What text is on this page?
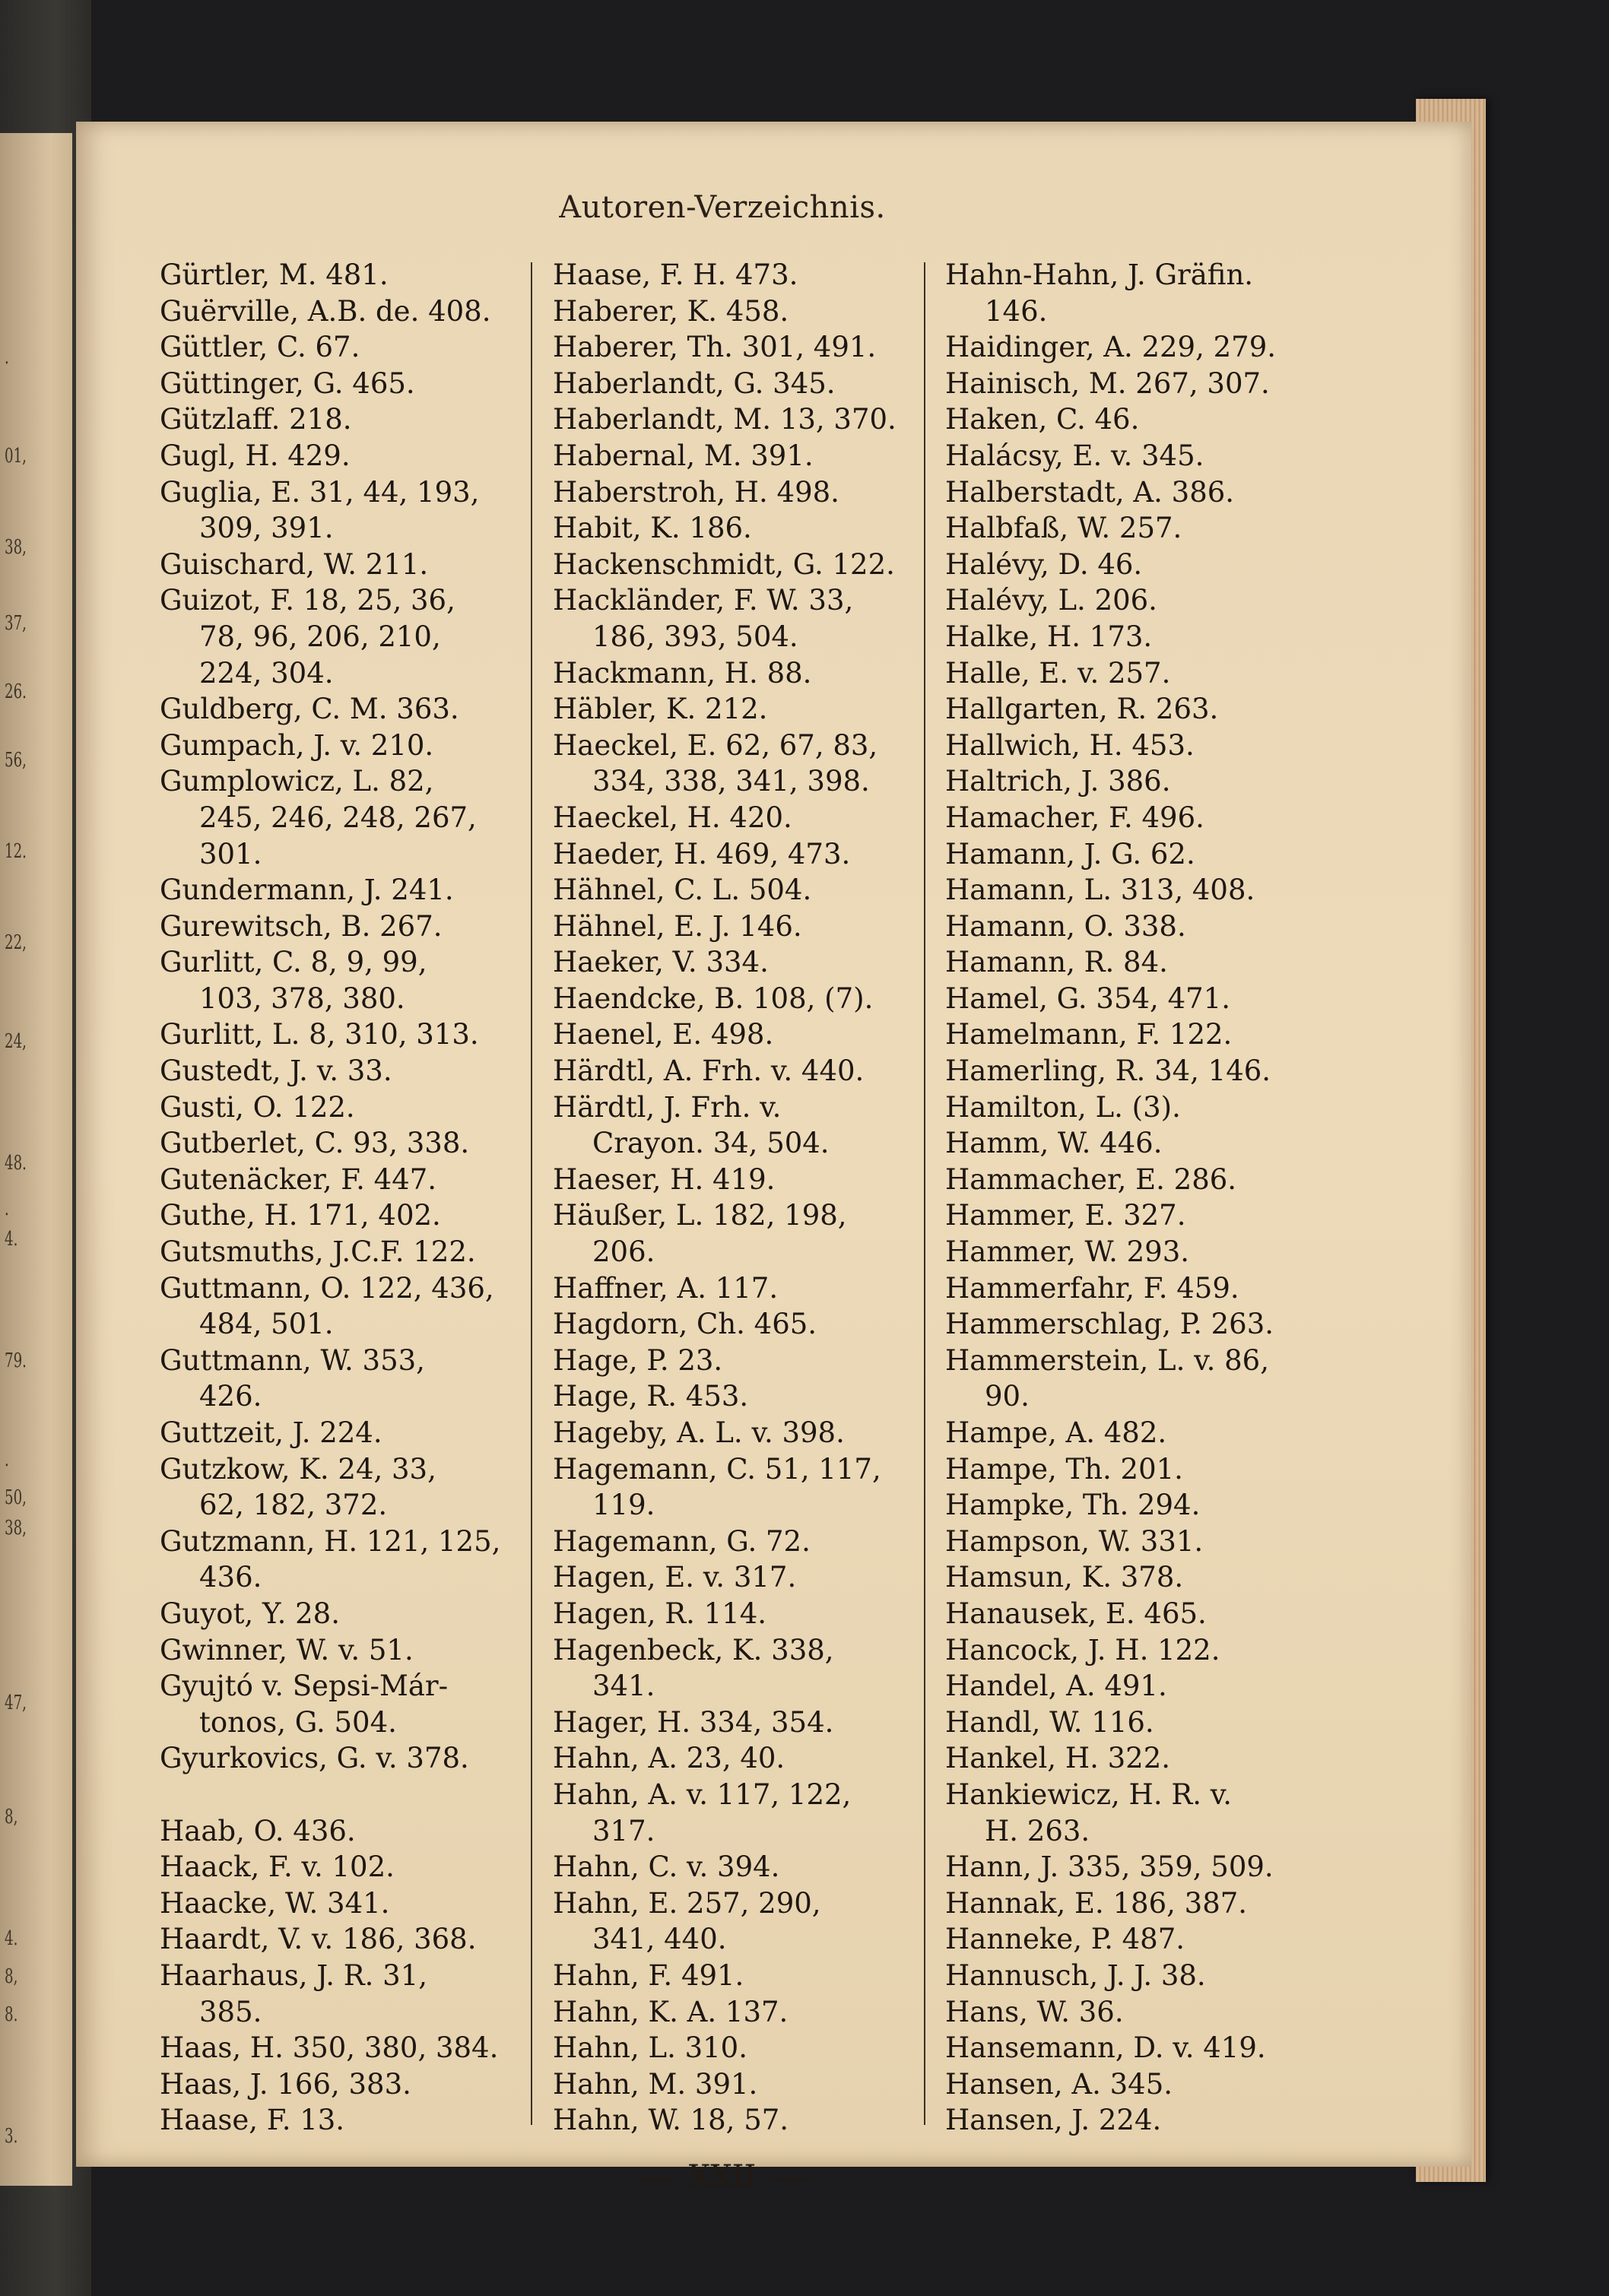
.
01,
38,
37,
26.
56,
12.
22,
24,
48.
.
4.
79.
.
50,
38,
47,
8,
4.
8,
8.
3.
Autoren-Verzeichnis.
Gürtler, M. 481.
Guërville, A.B. de. 408.
Güttler, C. 67.
Güttinger, G. 465.
Gützlaff. 218.
Gugl, H. 429.
Guglia, E. 31, 44, 193,
309, 391.
Guischard, W. 211.
Guizot, F. 18, 25, 36,
78, 96, 206, 210,
224, 304.
Guldberg, C. M. 363.
Gumpach, J. v. 210.
Gumplowicz, L. 82,
245, 246, 248, 267,
301.
Gundermann, J. 241.
Gurewitsch, B. 267.
Gurlitt, C. 8, 9, 99,
103, 378, 380.
Gurlitt, L. 8, 310, 313.
Gustedt, J. v. 33.
Gusti, O. 122.
Gutberlet, C. 93, 338.
Gutenäcker, F. 447.
Guthe, H. 171, 402.
Gutsmuths, J.C.F. 122.
Guttmann, O. 122, 436,
484, 501.
Guttmann, W. 353,
426.
Guttzeit, J. 224.
Gutzkow, K. 24, 33,
62, 182, 372.
Gutzmann, H. 121, 125,
436.
Guyot, Y. 28.
Gwinner, W. v. 51.
Gyujtó v. Sepsi-Már-
tonos, G. 504.
Gyurkovics, G. v. 378.
Haab, O. 436.
Haack, F. v. 102.
Haacke, W. 341.
Haardt, V. v. 186, 368.
Haarhaus, J. R. 31,
385.
Haas, H. 350, 380, 384.
Haas, J. 166, 383.
Haase, F. 13.
Haase, F. H. 473.
Haberer, K. 458.
Haberer, Th. 301, 491.
Haberlandt, G. 345.
Haberlandt, M. 13, 370.
Habernal, M. 391.
Haberstroh, H. 498.
Habit, K. 186.
Hackenschmidt, G. 122.
Hackländer, F. W. 33,
186, 393, 504.
Hackmann, H. 88.
Häbler, K. 212.
Haeckel, E. 62, 67, 83,
334, 338, 341, 398.
Haeckel, H. 420.
Haeder, H. 469, 473.
Hähnel, C. L. 504.
Hähnel, E. J. 146.
Haeker, V. 334.
Haendcke, B. 108, (7).
Haenel, E. 498.
Härdtl, A. Frh. v. 440.
Härdtl, J. Frh. v.
Crayon. 34, 504.
Haeser, H. 419.
Häußer, L. 182, 198,
206.
Haffner, A. 117.
Hagdorn, Ch. 465.
Hage, P. 23.
Hage, R. 453.
Hageby, A. L. v. 398.
Hagemann, C. 51, 117,
119.
Hagemann, G. 72.
Hagen, E. v. 317.
Hagen, R. 114.
Hagenbeck, K. 338,
341.
Hager, H. 334, 354.
Hahn, A. 23, 40.
Hahn, A. v. 117, 122,
317.
Hahn, C. v. 394.
Hahn, E. 257, 290,
341, 440.
Hahn, F. 491.
Hahn, K. A. 137.
Hahn, L. 310.
Hahn, M. 391.
Hahn, W. 18, 57.
Hahn-Hahn, J. Gräfin.
146.
Haidinger, A. 229, 279.
Hainisch, M. 267, 307.
Haken, C. 46.
Halácsy, E. v. 345.
Halberstadt, A. 386.
Halbfaß, W. 257.
Halévy, D. 46.
Halévy, L. 206.
Halke, H. 173.
Halle, E. v. 257.
Hallgarten, R. 263.
Hallwich, H. 453.
Haltrich, J. 386.
Hamacher, F. 496.
Hamann, J. G. 62.
Hamann, L. 313, 408.
Hamann, O. 338.
Hamann, R. 84.
Hamel, G. 354, 471.
Hamelmann, F. 122.
Hamerling, R. 34, 146.
Hamilton, L. (3).
Hamm, W. 446.
Hammacher, E. 286.
Hammer, E. 327.
Hammer, W. 293.
Hammerfahr, F. 459.
Hammerschlag, P. 263.
Hammerstein, L. v. 86,
90.
Hampe, A. 482.
Hampe, Th. 201.
Hampke, Th. 294.
Hampson, W. 331.
Hamsun, K. 378.
Hanausek, E. 465.
Hancock, J. H. 122.
Handel, A. 491.
Handl, W. 116.
Hankel, H. 322.
Hankiewicz, H. R. v.
H. 263.
Hann, J. 335, 359, 509.
Hannak, E. 186, 387.
Hanneke, P. 487.
Hannusch, J. J. 38.
Hans, W. 36.
Hansemann, D. v. 419.
Hansen, A. 345.
Hansen, J. 224.
XXII
